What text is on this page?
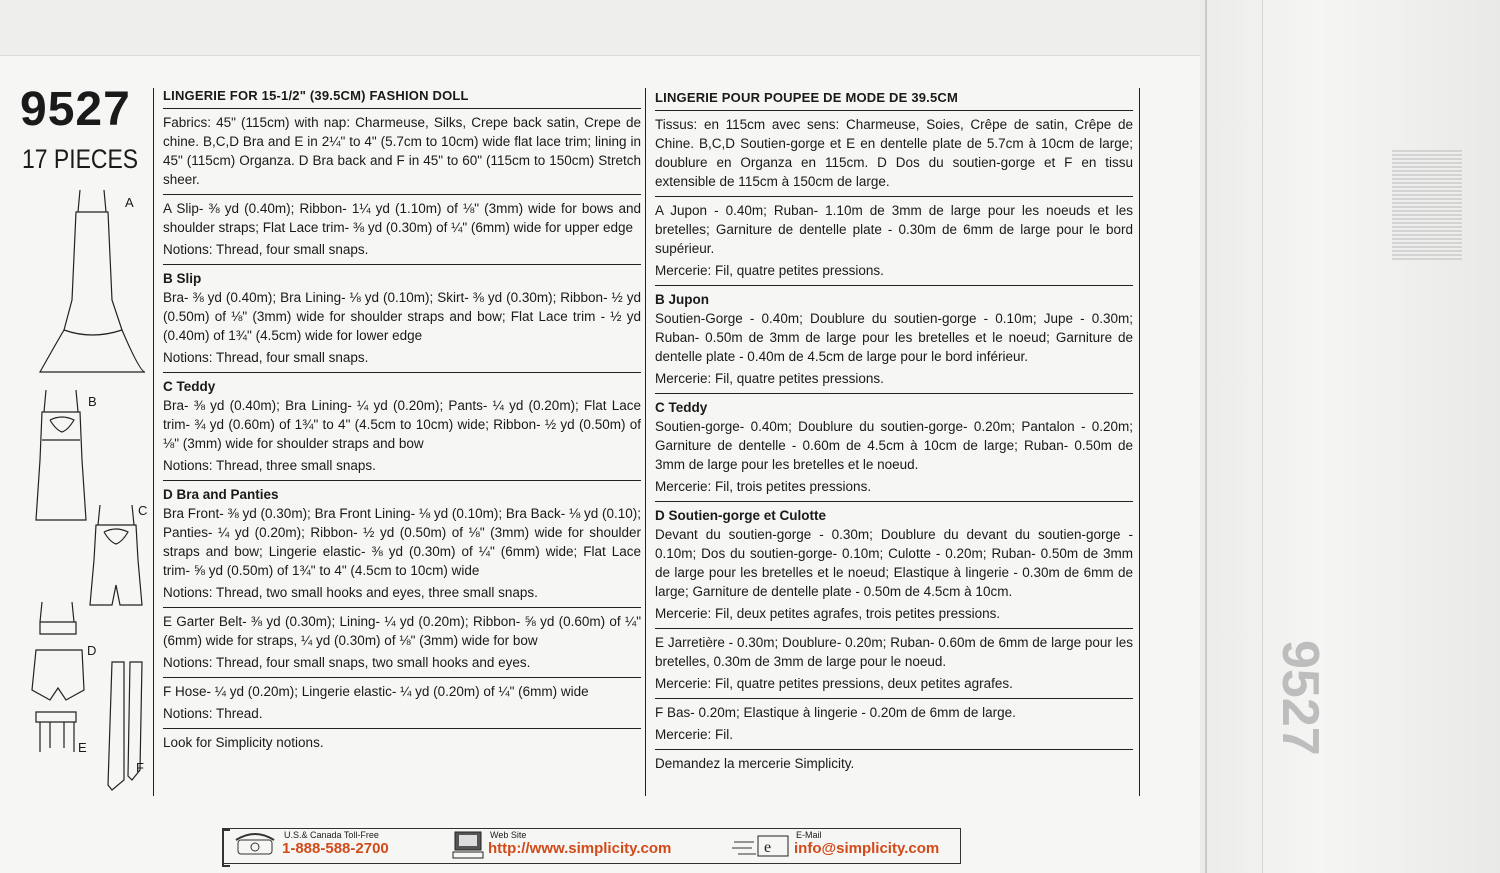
9527
9527
17 PIECES
A
B
C
D
E
F
LINGERIE FOR 15-1/2" (39.5CM) FASHION DOLL

Fabrics: 45" (115cm) with nap: Charmeuse, Silks, Crepe back satin, Crepe de chine. B,C,D Bra and E in 2¼" to 4" (5.7cm to 10cm) wide flat lace trim; lining in 45" (115cm) Organza. D Bra back and F in 45" to 60" (115cm to 150cm) Stretch sheer.

A Slip- ⅜ yd (0.40m); Ribbon- 1¼ yd (1.10m) of ⅛" (3mm) wide for bows and shoulder straps; Flat Lace trim- ⅜ yd (0.30m) of ¼" (6mm) wide for upper edge

Notions: Thread, four small snaps.

B Slip

Bra- ⅜ yd (0.40m); Bra Lining- ⅛ yd (0.10m); Skirt- ⅜ yd (0.30m); Ribbon- ½ yd (0.50m) of ⅛" (3mm) wide for shoulder straps and bow; Flat Lace trim - ½ yd (0.40m) of 1¾" (4.5cm) wide for lower edge

Notions: Thread, four small snaps.

C Teddy

Bra- ⅜ yd (0.40m); Bra Lining- ¼ yd (0.20m); Pants- ¼ yd (0.20m); Flat Lace trim- ¾ yd (0.60m) of 1¾" to 4" (4.5cm to 10cm) wide; Ribbon- ½ yd (0.50m) of ⅛" (3mm) wide for shoulder straps and bow

Notions: Thread, three small snaps.

D Bra and Panties

Bra Front- ⅜ yd (0.30m); Bra Front Lining- ⅛ yd (0.10m); Bra Back- ⅛ yd (0.10); Panties- ¼ yd (0.20m); Ribbon- ½ yd (0.50m) of ⅛" (3mm) wide for shoulder straps and bow; Lingerie elastic- ⅜ yd (0.30m) of ¼" (6mm) wide; Flat Lace trim- ⅝ yd (0.50m) of 1¾" to 4" (4.5cm to 10cm) wide

Notions: Thread, two small hooks and eyes, three small snaps.

E Garter Belt- ⅜ yd (0.30m); Lining- ¼ yd (0.20m); Ribbon- ⅝ yd (0.60m) of ¼" (6mm) wide for straps, ¼ yd (0.30m) of ⅛" (3mm) wide for bow

Notions: Thread, four small snaps, two small hooks and eyes.

F Hose- ¼ yd (0.20m); Lingerie elastic- ¼ yd (0.20m) of ¼" (6mm) wide

Notions: Thread.

Look for Simplicity notions.

LINGERIE POUR POUPEE DE MODE DE 39.5CM

Tissus: en 115cm avec sens: Charmeuse, Soies, Crêpe de satin, Crêpe de Chine. B,C,D Soutien-gorge et E en dentelle plate de 5.7cm à 10cm de large; doublure en Organza en 115cm. D Dos du soutien-gorge et F en tissu extensible de 115cm à 150cm de large.

A Jupon - 0.40m; Ruban- 1.10m de 3mm de large pour les noeuds et les bretelles; Garniture de dentelle plate - 0.30m de 6mm de large pour le bord supérieur.

Mercerie: Fil, quatre petites pressions.

B Jupon

Soutien-Gorge - 0.40m; Doublure du soutien-gorge - 0.10m; Jupe - 0.30m; Ruban- 0.50m de 3mm de large pour les bretelles et le noeud; Garniture de dentelle plate - 0.40m de 4.5cm de large pour le bord inférieur.

Mercerie: Fil, quatre petites pressions.

C Teddy

Soutien-gorge- 0.40m; Doublure du soutien-gorge- 0.20m; Pantalon - 0.20m; Garniture de dentelle - 0.60m de 4.5cm à 10cm de large; Ruban- 0.50m de 3mm de large pour les bretelles et le noeud.

Mercerie: Fil, trois petites pressions.

D Soutien-gorge et Culotte

Devant du soutien-gorge - 0.30m; Doublure du devant du soutien-gorge - 0.10m; Dos du soutien-gorge- 0.10m; Culotte - 0.20m; Ruban- 0.50m de 3mm de large pour les bretelles et le noeud; Elastique à lingerie - 0.30m de 6mm de large; Garniture de dentelle plate - 0.50m de 4.5cm à 10cm.

Mercerie: Fil, deux petites agrafes, trois petites pressions.

E Jarretière - 0.30m; Doublure- 0.20m; Ruban- 0.60m de 6mm de large pour les bretelles, 0.30m de 3mm de large pour le noeud.

Mercerie: Fil, quatre petites pressions, deux petites agrafes.

F Bas- 0.20m; Elastique à lingerie - 0.20m de 6mm de large.

Mercerie: Fil.

Demandez la mercerie Simplicity.

U.S.& Canada Toll-Free
1-888-588-2700
Web Site
http://www.simplicity.com	e
E-Mail
info@simplicity.com
